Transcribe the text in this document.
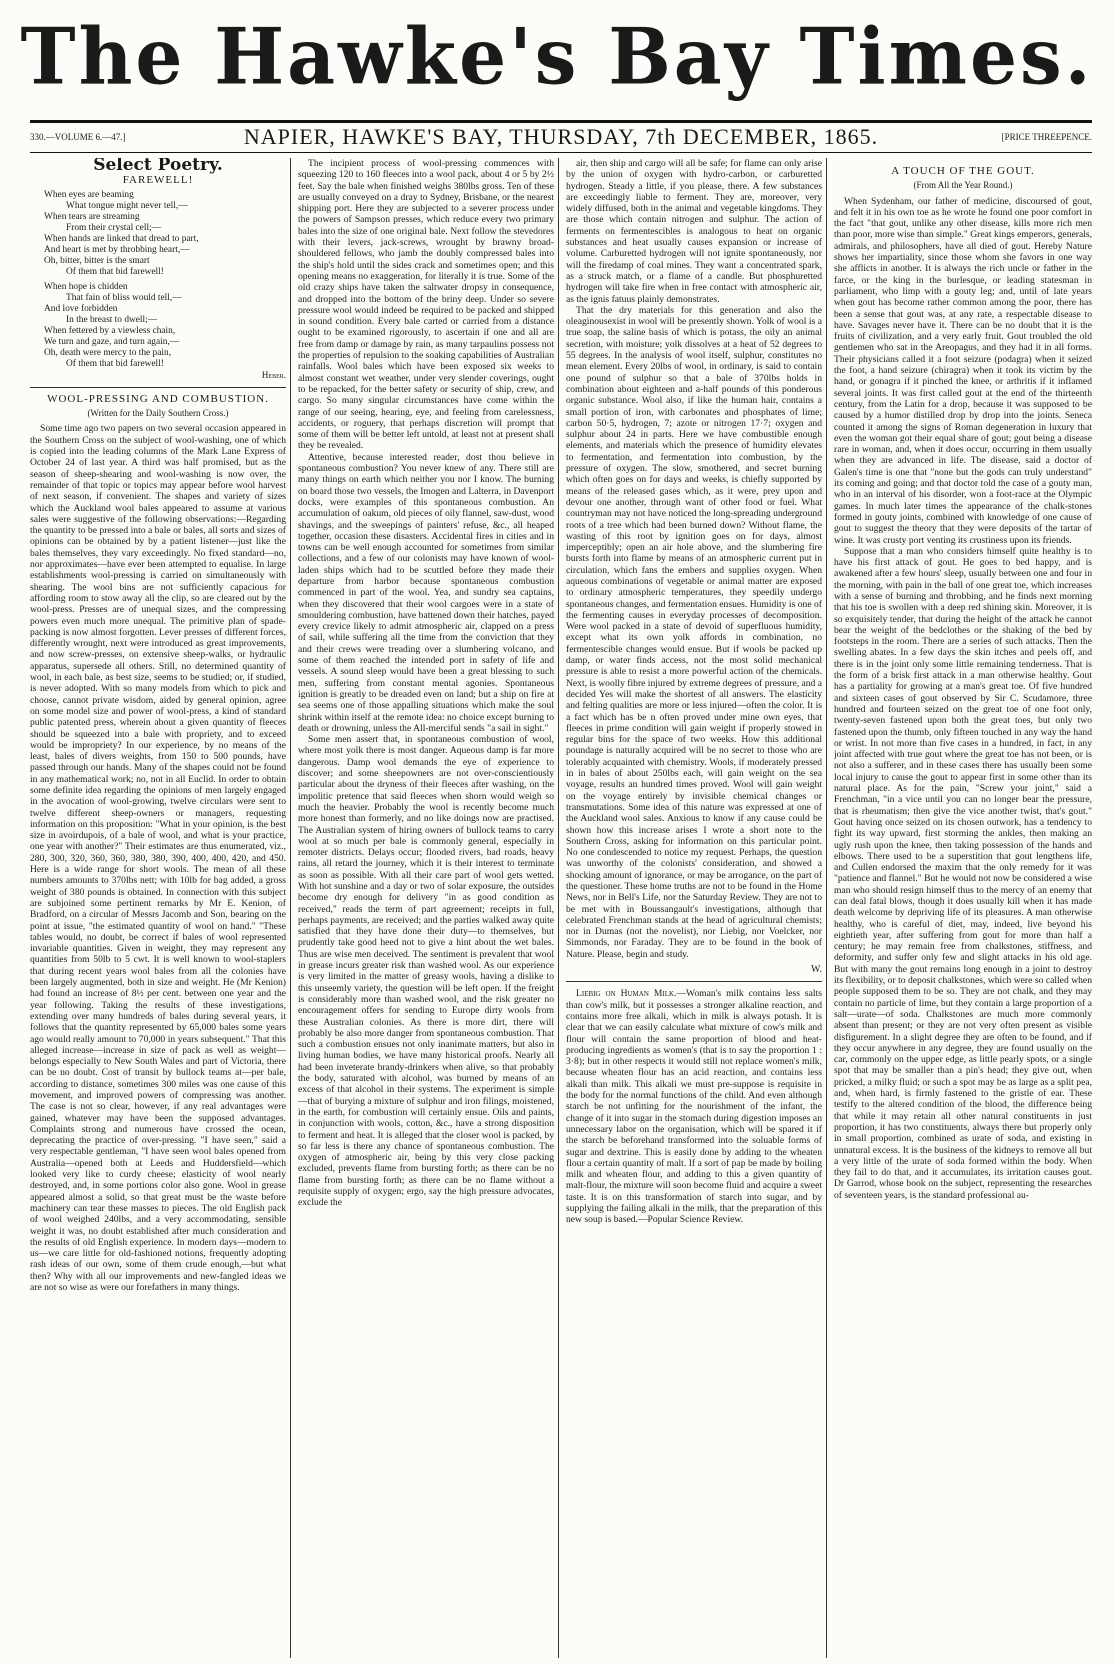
The Hawke's Bay Times.
330.—VOLUME 6.—47.]	NAPIER, HAWKE'S BAY, THURSDAY, 7th DECEMBER, 1865.	[PRICE THREEPENCE.
Select Poetry.
FAREWELL!
When eyes are beaming
What tongue might never tell,—
When tears are streaming
From their crystal cell;—
When hands are linked that dread to part,
And heart is met by throbbing heart,—
Oh, bitter, bitter is the smart
Of them that bid farewell!
When hope is chidden
That fain of bliss would tell,—
And love forbidden
In the breast to dwell;—
When fettered by a viewless chain,
We turn and gaze, and turn again,—
Oh, death were mercy to the pain,
Of them that bid farewell!
Heber.
WOOL-PRESSING AND COMBUSTION.
(Written for the Daily Southern Cross.)

Some time ago two papers on two several occasion appeared in the Southern Cross on the subject of wool-washing, one of which is copied into the leading columns of the Mark Lane Express of October 24 of last year. A third was half promised, but as the season of sheep-shearing and wool-washing is now over, the remainder of that topic or topics may appear before wool harvest of next season, if convenient. The shapes and variety of sizes which the Auckland wool bales appeared to assume at various sales were suggestive of the following observations:—Regarding the quantity to be pressed into a bale or bales, all sorts and sizes of opinions can be obtained by by a patient listener—just like the bales themselves, they vary exceedingly. No fixed standard—no, nor approximates—have ever been attempted to equalise. In large establishments wool-pressing is carried on simultaneously with shearing. The wool bins are not sufficiently capacious for affording room to stow away all the clip, so are cleared out by the wool-press. Presses are of unequal sizes, and the compressing powers even much more unequal. The primitive plan of spade-packing is now almost forgotten. Lever presses of different forces, differently wrought, next were introduced as great improvements, and now screw-presses, on extensive sheep-walks, or hydraulic apparatus, supersede all others. Still, no determined quantity of wool, in each bale, as best size, seems to be studied; or, if studied, is never adopted. With so many models from which to pick and choose, cannot private wisdom, aided by general opinion, agree on some model size and power of wool-press, a kind of standard public patented press, wherein about a given quantity of fleeces should be squeezed into a bale with propriety, and to exceed would be impropriety? In our experience, by no means of the least, bales of divers weights, from 150 to 500 pounds, have passed through our hands. Many of the shapes could not be found in any mathematical work; no, not in all Euclid. In order to obtain some definite idea regarding the opinions of men largely engaged in the avocation of wool-growing, twelve circulars were sent to twelve different sheep-owners or managers, requesting information on this proposition: "What in your opinion, is the best size in avoirdupois, of a bale of wool, and what is your practice, one year with another?" Their estimates are thus enumerated, viz., 280, 300, 320, 360, 360, 380, 380, 390, 400, 400, 420, and 450. Here is a wide range for short wools. The mean of all these numbers amounts to 370lbs nett; with 10lb for bag added, a gross weight of 380 pounds is obtained. In connection with this subject are subjoined some pertinent remarks by Mr E. Kenion, of Bradford, on a circular of Messrs Jacomb and Son, bearing on the point at issue, "the estimated quantity of wool on hand." "These tables would, no doubt, be correct if bales of wool represented invariable quantities. Given in weight, they may represent any quantities from 50lb to 5 cwt. It is well known to wool-staplers that during recent years wool bales from all the colonies have been largely augmented, both in size and weight. He (Mr Kenion) had found an increase of 8½ per cent. between one year and the year following. Taking the results of these investigations, extending over many hundreds of bales during several years, it follows that the quantity represented by 65,000 bales some years ago would really amount to 70,000 in years subsequent." That this alleged increase—increase in size of pack as well as weight—belongs especially to New South Wales and part of Victoria, there can be no doubt. Cost of transit by bullock teams at—per bale, according to distance, sometimes 300 miles was one cause of this movement, and improved powers of compressing was another. The case is not so clear, however, if any real advantages were gained, whatever may have been the supposed advantages. Complaints strong and numerous have crossed the ocean, deprecating the practice of over-pressing. "I have seen," said a very respectable gentleman, "I have seen wool bales opened from Australia—opened both at Leeds and Huddersfield—which looked very like to curdy cheese; elasticity of wool nearly destroyed, and, in some portions color also gone. Wool in grease appeared almost a solid, so that great must be the waste before machinery can tear these masses to pieces. The old English pack of wool weighed 240lbs, and a very accommodating, sensible weight it was, no doubt established after much consideration and the results of old English experience. In modern days—modern to us—we care little for old-fashioned notions, frequently adopting rash ideas of our own, some of them crude enough,—but what then? Why with all our improvements and new-fangled ideas we are not so wise as were our forefathers in many things.

The incipient process of wool-pressing commences with squeezing 120 to 160 fleeces into a wool pack, about 4 or 5 by 2½ feet. Say the bale when finished weighs 380lbs gross. Ten of these are usually conveyed on a dray to Sydney, Brisbane, or the nearest shipping port. Here they are subjected to a severer process under the powers of Sampson presses, which reduce every two primary bales into the size of one original bale. Next follow the stevedores with their levers, jack-screws, wrought by brawny broad-shouldered fellows, who jamb the doubly compressed bales into the ship's hold until the sides crack and sometimes open; and this opening means no exaggeration, for literally it is true. Some of the old crazy ships have taken the saltwater dropsy in consequence, and dropped into the bottom of the briny deep. Under so severe pressure wool would indeed be required to be packed and shipped in sound condition. Every bale carted or carried from a distance ought to be examined rigorously, to ascertain if one and all are free from damp or damage by rain, as many tarpaulins possess not the properties of repulsion to the soaking capabilities of Australian rainfalls. Wool bales which have been exposed six weeks to almost constant wet weather, under very slender coverings, ought to be repacked, for the better safety or security of ship, crew, and cargo. So many singular circumstances have come within the range of our seeing, hearing, eye, and feeling from carelessness, accidents, or roguery, that perhaps discretion will prompt that some of them will be better left untold, at least not at present shall they be revealed.

Attentive, because interested reader, dost thou believe in spontaneous combustion? You never knew of any. There still are many things on earth which neither you nor I know. The burning on board those two vessels, the Imogen and Lalterra, in Davenport docks, were examples of this spontaneous combustion. An accumulation of oakum, old pieces of oily flannel, saw-dust, wood shavings, and the sweepings of painters' refuse, &c., all heaped together, occasion these disasters. Accidental fires in cities and in towns can be well enough accounted for sometimes from similar collections, and a few of our colonists may have known of wool-laden ships which had to be scuttled before they made their departure from harbor because spontaneous combustion commenced in part of the wool. Yea, and sundry sea captains, when they discovered that their wool cargoes were in a state of smouldering combustion, have battened down their hatches, payed every crevice likely to admit atmospheric air, clapped on a press of sail, while suffering all the time from the conviction that they and their crews were treading over a slumbering volcano, and some of them reached the intended port in safety of life and vessels. A sound sleep would have been a great blessing to such men, suffering from constant mental agonies. Spontaneous ignition is greatly to be dreaded even on land; but a ship on fire at sea seems one of those appalling situations which make the soul shrink within itself at the remote idea: no choice except burning to death or drowning, unless the All-merciful sends "a sail in sight."

Some men assert that, in spontaneous combustion of wool, where most yolk there is most danger. Aqueous damp is far more dangerous. Damp wool demands the eye of experience to discover; and some sheepowners are not over-conscientiously particular about the dryness of their fleeces after washing, on the impolitic pretence that said fleeces when shorn would weigh so much the heavier. Probably the wool is recently become much more honest than formerly, and no like doings now are practised. The Australian system of hiring owners of bullock teams to carry wool at so much per bale is commonly general, especially in remoter districts. Delays occur; flooded rivers, bad roads, heavy rains, all retard the journey, which it is their interest to terminate as soon as possible. With all their care part of wool gets wetted. With hot sunshine and a day or two of solar exposure, the outsides become dry enough for delivery "in as good condition as received," reads the term of part agreement; receipts in full, perhaps payments, are received; and the parties walked away quite satisfied that they have done their duty—to themselves, but prudently take good heed not to give a hint about the wet bales. Thus are wise men deceived. The sentiment is prevalent that wool in grease incurs greater risk than washed wool. As our experience is very limited in the matter of greasy wools, having a dislike to this unseemly variety, the question will be left open. If the freight is considerably more than washed wool, and the risk greater no encouragement offers for sending to Europe dirty wools from these Australian colonies. As there is more dirt, there will probably be also more danger from spontaneous combustion. That such a combustion ensues not only inanimate matters, but also in living human bodies, we have many historical proofs. Nearly all had been inveterate brandy-drinkers when alive, so that probably the body, saturated with alcohol, was burned by means of an excess of that alcohol in their systems. The experiment is simple—that of burying a mixture of sulphur and iron filings, moistened, in the earth, for combustion will certainly ensue. Oils and paints, in conjunction with wools, cotton, &c., have a strong disposition to ferment and heat. It is alleged that the closer wool is packed, by so far less is there any chance of spontaneous combustion. The oxygen of atmospheric air, being by this very close packing excluded, prevents flame from bursting forth; as there can be no flame from bursting forth; as there can be no flame without a requisite supply of oxygen; ergo, say the high pressure advocates, exclude the

air, then ship and cargo will all be safe; for flame can only arise by the union of oxygen with hydro-carbon, or carburetted hydrogen. Steady a little, if you please, there. A few substances are exceedingly liable to ferment. They are, moreover, very widely diffused, both in the animal and vegetable kingdoms. They are those which contain nitrogen and sulphur. The action of ferments on fermentescibles is analogous to heat on organic substances and heat usually causes expansion or increase of volume. Carburetted hydrogen will not ignite spontaneously, nor will the firedamp of coal mines. They want a concentrated spark, as a struck match, or a flame of a candle. But phosphuretted hydrogen will take fire when in free contact with atmospheric air, as the ignis fatuus plainly demonstrates.

That the dry materials for this generation and also the oleaginousexist in wool will be presently shown. Yolk of wool is a true soap, the saline basis of which is potass, the oily an animal secretion, with moisture; yolk dissolves at a heat of 52 degrees to 55 degrees. In the analysis of wool itself, sulphur, constitutes no mean element. Every 20lbs of wool, in ordinary, is said to contain one pound of sulphur so that a bale of 370lbs holds in combination about eighteen and a-half pounds of this ponderous organic substance. Wool also, if like the human hair, contains a small portion of iron, with carbonates and phosphates of lime; carbon 50·5, hydrogen, 7; azote or nitrogen 17·7; oxygen and sulphur about 24 in parts. Here we have combustible enough elements, and materials which the presence of humidity elevates to fermentation, and fermentation into combustion, by the pressure of oxygen. The slow, smothered, and secret burning which often goes on for days and weeks, is chiefly supported by means of the released gases which, as it were, prey upon and devour one another, through want of other food or fuel. What countryman may not have noticed the long-spreading underground roots of a tree which had been burned down? Without flame, the wasting of this root by ignition goes on for days, almost imperceptibly; open an air hole above, and the slumbering fire bursts forth into flame by means of an atmospheric current put in circulation, which fans the embers and supplies oxygen. When aqueous combinations of vegetable or animal matter are exposed to ordinary atmospheric temperatures, they speedily undergo spontaneous changes, and fermentation ensues. Humidity is one of the fermenting causes in everyday processes of decomposition. Were wool packed in a state of devoid of superfluous humidity, except what its own yolk affords in combination, no fermentescible changes would ensue. But if wools be packed up damp, or water finds access, not the most solid mechanical pressure is able to resist a more powerful action of the chemicals. Next, is woolly fibre injured by extreme degrees of pressure, and a decided Yes will make the shortest of all answers. The elasticity and felting qualities are more or less injured—often the color. It is a fact which has be n often proved under mine own eyes, that fleeces in prime condition will gain weight if properly stowed in regular bins for the space of two weeks. How this additional poundage is naturally acquired will be no secret to those who are tolerably acquainted with chemistry. Wools, if moderately pressed in in bales of about 250lbs each, will gain weight on the sea voyage, results an hundred times proved. Wool will gain weight on the voyage entirely by invisible chemical changes or transmutations. Some idea of this nature was expressed at one of the Auckland wool sales. Anxious to know if any cause could be shown how this increase arises I wrote a short note to the Southern Cross, asking for information on this particular point. No one condescended to notice my request. Perhaps, the question was unworthy of the colonists' consideration, and showed a shocking amount of ignorance, or may be arrogance, on the part of the questioner. These home truths are not to be found in the Home News, nor in Bell's Life, nor the Saturday Review. They are not to be met with in Boussangault's investigations, although that celebrated Frenchman stands at the head of agricultural chemists; nor in Dumas (not the novelist), nor Liebig, nor Voelcker, nor Simmonds, nor Faraday. They are to be found in the book of Nature. Please, begin and study.

W.

Liebig on Human Milk.—Woman's milk contains less salts than cow's milk, but it possesses a stronger alkaline reaction, and contains more free alkali, which in milk is always potash. It is clear that we can easily calculate what mixture of cow's milk and flour will contain the same proportion of blood and heat-producing ingredients as women's (that is to say the proportion 1 : 3·8); but in other respects it would still not replace women's milk, because wheaten flour has an acid reaction, and contains less alkali than milk. This alkali we must pre-suppose is requisite in the body for the normal functions of the child. And even although starch be not unfitting for the nourishment of the infant, the change of it into sugar in the stomach during digestion imposes an unnecessary labor on the organisation, which will be spared it if the starch be beforehand transformed into the soluable forms of sugar and dextrine. This is easily done by adding to the wheaten flour a certain quantity of malt. If a sort of pap be made by boiling milk and wheaten flour, and adding to this a given quantity of malt-flour, the mixture will soon become fluid and acquire a sweet taste. It is on this transformation of starch into sugar, and by supplying the failing alkali in the milk, that the preparation of this new soup is based.—Popular Science Review.

A TOUCH OF THE GOUT.
(From All the Year Round.)

When Sydenham, our father of medicine, discoursed of gout, and felt it in his own toe as he wrote he found one poor comfort in the fact "that gout, unlike any other disease, kills more rich men than poor, more wise than simple." Great kings emperors, generals, admirals, and philosophers, have all died of gout. Hereby Nature shows her impartiality, since those whom she favors in one way she afflicts in another. It is always the rich uncle or father in the farce, or the king in the burlesque, or leading statesman in parliament, who limp with a gouty leg; and, until of late years when gout has become rather common among the poor, there has been a sense that gout was, at any rate, a respectable disease to have. Savages never have it. There can be no doubt that it is the fruits of civilization, and a very early fruit. Gout troubled the old gentlemen who sat in the Areopagus, and they had it in all forms. Their physicians called it a foot seizure (podagra) when it seized the foot, a hand seizure (chiragra) when it took its victim by the hand, or gonagra if it pinched the knee, or arthritis if it inflamed several joints. It was first called gout at the end of the thirteenth century, from the Latin for a drop, because it was supposed to be caused by a humor distilled drop by drop into the joints. Seneca counted it among the signs of Roman degeneration in luxury that even the woman got their equal share of gout; gout being a disease rare in woman, and, when it does occur, occurring in them usually when they are advanced in life. The disease, said a doctor of Galen's time is one that "none but the gods can truly understand" its coming and going; and that doctor told the case of a gouty man, who in an interval of his disorder, won a foot-race at the Olympic games. In much later times the appearance of the chalk-stones formed in gouty joints, combined with knowledge of one cause of gout to suggest the theory that they were deposits of the tartar of wine. It was crusty port venting its crustiness upon its friends.

Suppose that a man who considers himself quite healthy is to have his first attack of gout. He goes to bed happy, and is awakened after a few hours' sleep, usually between one and four in the morning, with pain in the ball of one great toe, which increases with a sense of burning and throbbing, and he finds next morning that his toe is swollen with a deep red shining skin. Moreover, it is so exquisitely tender, that during the height of the attack he cannot bear the weight of the bedclothes or the shaking of the bed by footsteps in the room. There are a series of such attacks. Then the swelling abates. In a few days the skin itches and peels off, and there is in the joint only some little remaining tenderness. That is the form of a brisk first attack in a man otherwise healthy. Gout has a partiality for growing at a man's great toe. Of five hundred and sixteen cases of gout observed by Sir C. Scudamore, three hundred and fourteen seized on the great toe of one foot only, twenty-seven fastened upon both the great toes, but only two fastened upon the thumb, only fifteen touched in any way the hand or wrist. In not more than five cases in a hundred, in fact, in any joint affected with true gout where the great toe has not been, or is not also a sufferer, and in these cases there has usually been some local injury to cause the gout to appear first in some other than its natural place. As for the pain, "Screw your joint," said a Frenchman, "in a vice until you can no longer bear the pressure, that is rheumatism; then give the vice another twist, that's gout." Gout having once seized on its chosen outwork, has a tendency to fight its way upward, first storming the ankles, then making an ugly rush upon the knee, then taking possession of the hands and elbows. There used to be a superstition that gout lengthens life, and Cullen endorsed the maxim that the only remedy for it was "patience and flannel." But he would not now be considered a wise man who should resign himself thus to the mercy of an enemy that can deal fatal blows, though it does usually kill when it has made death welcome by depriving life of its pleasures. A man otherwise healthy, who is careful of diet, may, indeed, live beyond his eightieth year, after suffering from gout for more than half a century; he may remain free from chalkstones, stiffness, and deformity, and suffer only few and slight attacks in his old age. But with many the gout remains long enough in a joint to destroy its flexibility, or to deposit chalkstones, which were so called when people supposed them to be so. They are not chalk, and they may contain no particle of lime, but they contain a large proportion of a salt—urate—of soda. Chalkstones are much more commonly absent than present; or they are not very often present as visible disfigurement. In a slight degree they are often to be found, and if they occur anywhere in any degree, they are found usually on the car, commonly on the upper edge, as little pearly spots, or a single spot that may be smaller than a pin's head; they give out, when pricked, a milky fluid; or such a spot may be as large as a split pea, and, when hard, is firmly fastened to the gristle of ear. These testify to the altered condition of the blood, the difference being that while it may retain all other natural constituents in just proportion, it has two constituents, always there but properly only in small proportion, combined as urate of soda, and existing in unnatural excess. It is the business of the kidneys to remove all but a very little of the urate of soda formed within the body. When they fail to do that, and it accumulates, its irritation causes gout. Dr Garrod, whose book on the subject, representing the researches of seventeen years, is the standard professional au-
